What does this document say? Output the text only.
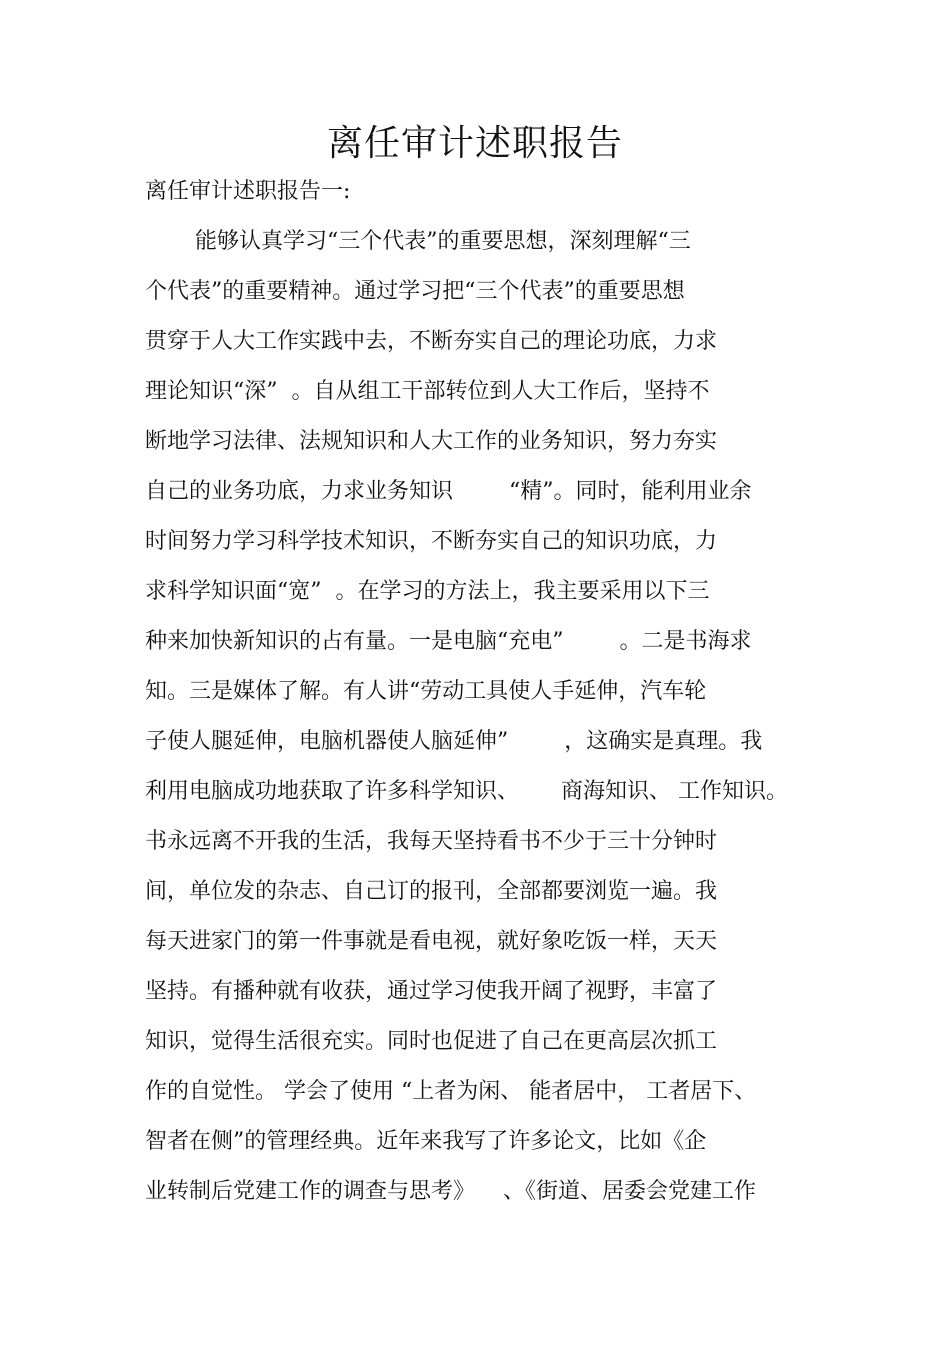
离任审计述职报告
离任审计述职报告一:
能够认真学习“三个代表”的重要思想，深刻理解“三
个代表”的重要精神。通过学习把“三个代表”的重要思想
贯穿于人大工作实践中去，不断夯实自己的理论功底，力求
理论知识“深”  。自从组工干部转位到人大工作后，坚持不
断地学习法律、法规知识和人大工作的业务知识，努力夯实
自己的业务功底，力求业务知识        “精”。同时，能利用业余
时间努力学习科学技术知识，不断夯实自己的知识功底，力
求科学知识面“宽”  。在学习的方法上，我主要采用以下三
种来加快新知识的占有量。一是电脑“充电”        。二是书海求
知。三是媒体了解。有人讲“劳动工具使人手延伸，汽车轮
子使人腿延伸，电脑机器使人脑延伸”        ，这确实是真理。我
利用电脑成功地获取了许多科学知识、      商海知识、 工作知识。
书永远离不开我的生活，我每天坚持看书不少于三十分钟时
间，单位发的杂志、自己订的报刊，全部都要浏览一遍。我
每天进家门的第一件事就是看电视，就好象吃饭一样，天天
坚持。有播种就有收获，通过学习使我开阔了视野，丰富了
知识，觉得生活很充实。同时也促进了自己在更高层次抓工
作的自觉性。 学会了使用 “上者为闲、 能者居中， 工者居下、
智者在侧”的管理经典。近年来我写了许多论文，比如《企
业转制后党建工作的调查与思考》    、《街道、居委会党建工作
